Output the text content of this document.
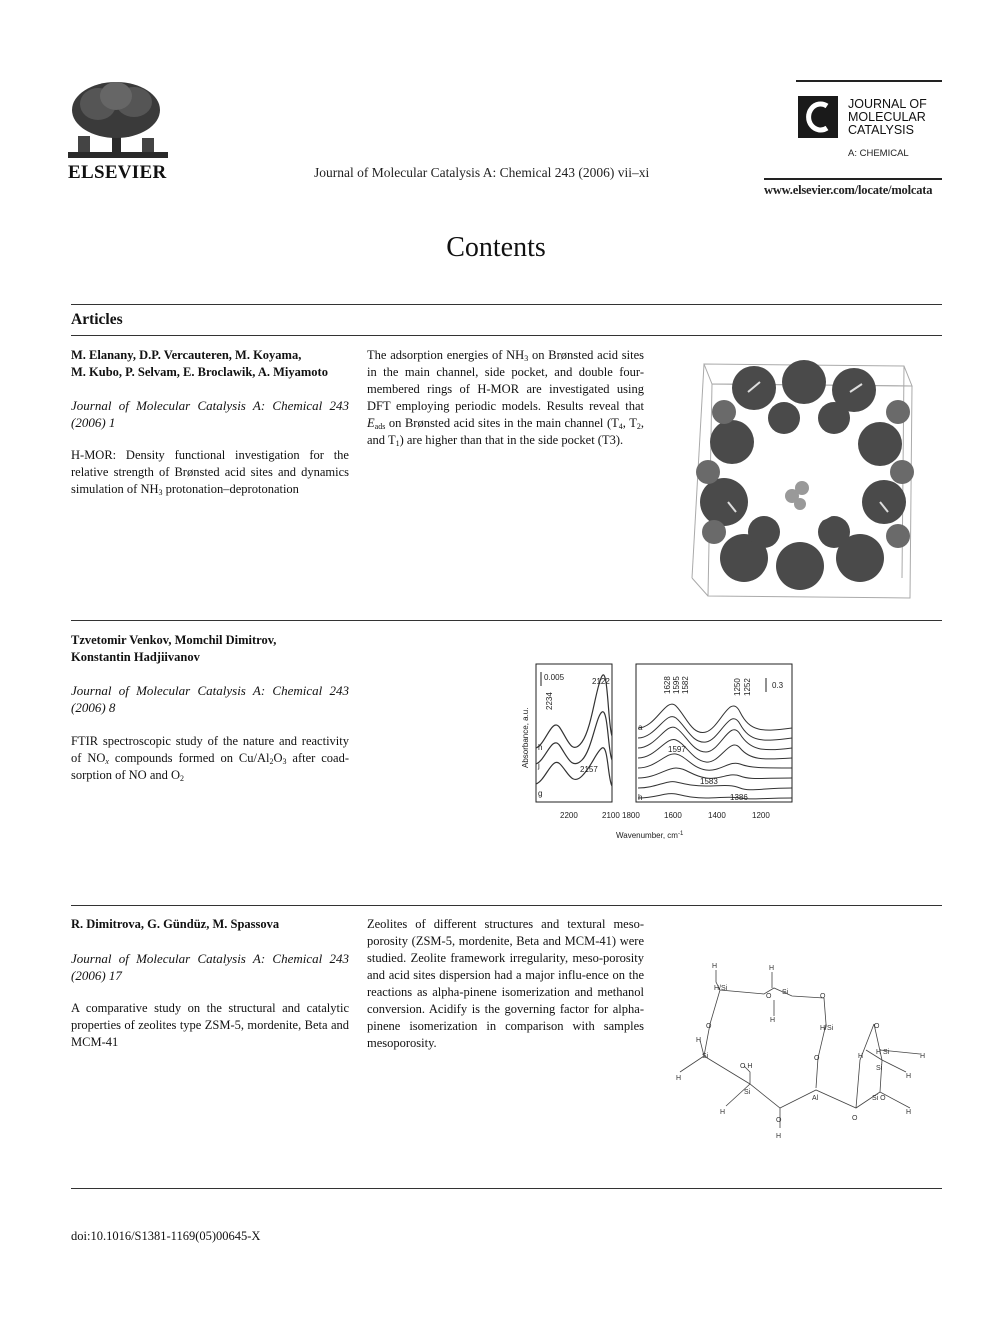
ELSEVIER	Journal of Molecular Catalysis A: Chemical 243 (2006) vii–xi
JOURNAL OF
MOLECULAR
CATALYSIS
A: CHEMICAL
www.elsevier.com/locate/molcata
Contents
Articles
M. Elanany, D.P. Vercauteren, M. Koyama,
M. Kubo, P. Selvam, E. Broclawik, A. Miyamoto
Journal of Molecular Catalysis A: Chemical 243 (2006) 1
H-MOR: Density functional investigation for the relative strength of Brønsted acid sites and dynamics simulation of $NH_3$ protonation–deprotonation
The adsorption energies of $NH_3$ on Brønsted acid sites in the main channel, side pocket, and double four-membered rings of H-MOR are investigated using DFT employing periodic models. Results reveal that $E_{ads}$ on Brønsted acid sites in the main channel ($T_4$, $T_2$, and $T_1$) are higher than that in the side pocket (T3).
Tzvetomir Venkov, Momchil Dimitrov,
Konstantin Hadjiivanov
Journal of Molecular Catalysis A: Chemical 243 (2006) 8
FTIR spectroscopic study of the nature and reactivity of $NO_x$ compounds formed on $Cu/Al_2O_3$ after coad-sorption of NO and $O_2$
Absorbance, a.u.
0.005
2234
2122
2157
h
j
g
2200	2100
0.3
1628 1595 1582	1250 1252
1597
1583
1386
a
h
1800	1600	1400	1200
Wavenumber, $cm^{-1}$
R. Dimitrova, G. Gündüz, M. Spassova
Journal of Molecular Catalysis A: Chemical 243 (2006) 17
A comparative study on the structural and catalytic properties of zeolites type ZSM-5, mordenite, Beta and MCM-41
Zeolites of different structures and textural meso-porosity (ZSM-5, mordenite, Beta and MCM-41) were studied. Zeolite framework irregularity, meso-porosity and acid sites dispersion had a major influ-ence on the reactions as alpha-pinene isomerization and methanol conversion. Acidify is the governing factor for alpha-pinene isomerization in comparison with samples mesoporosity.
H
H/Si
H
O
Si
H
O
H/Si
O
O
O
H
Si
H
O H
Si
H
O
H
Al
O
H
H Si
H
Si
H
Si O
H
doi:10.1016/S1381-1169(05)00645-X
